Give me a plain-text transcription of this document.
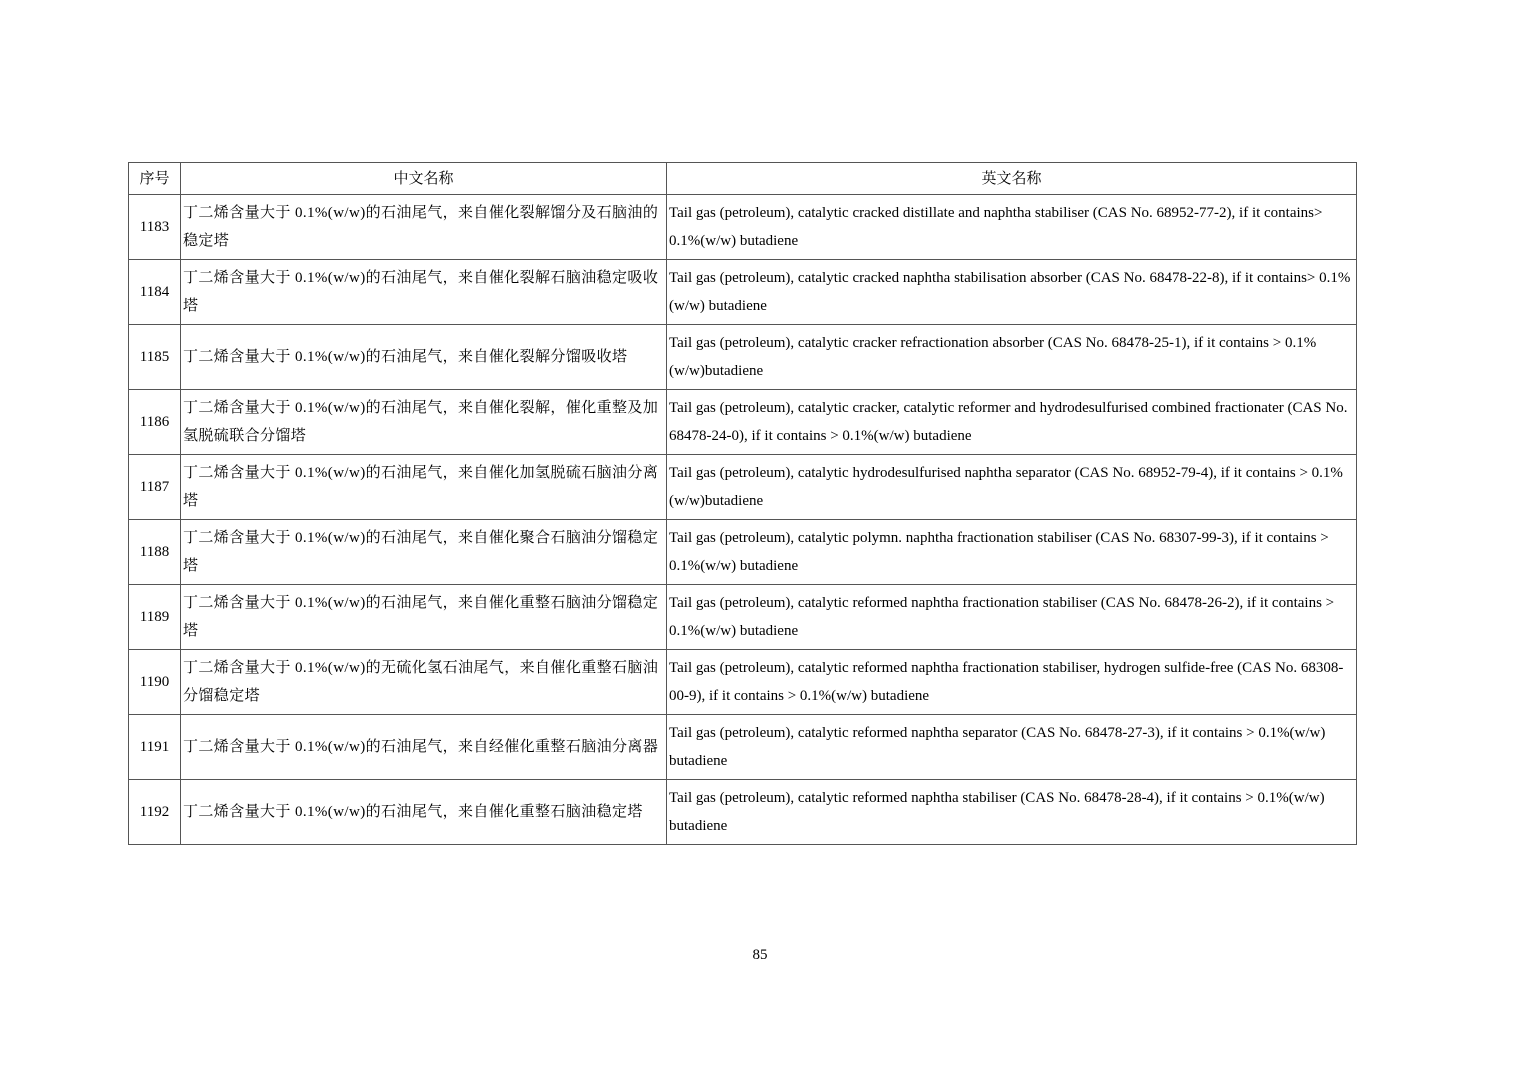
序号	中文名称	英文名称
1183	丁二烯含量大于 0.1%(w/w)的石油尾气，来自催化裂解馏分及石脑油的稳定塔	Tail gas (petroleum), catalytic cracked distillate and naphtha stabiliser (CAS No. 68952-77-2), if it contains> 0.1%(w/w) butadiene
1184	丁二烯含量大于 0.1%(w/w)的石油尾气，来自催化裂解石脑油稳定吸收塔	Tail gas (petroleum), catalytic cracked naphtha stabilisation absorber (CAS No. 68478-22-8), if it contains> 0.1%(w/w) butadiene
1185	丁二烯含量大于 0.1%(w/w)的石油尾气，来自催化裂解分馏吸收塔	Tail gas (petroleum), catalytic cracker refractionation absorber (CAS No. 68478-25-1), if it contains > 0.1%(w/w)butadiene
1186	丁二烯含量大于 0.1%(w/w)的石油尾气，来自催化裂解，催化重整及加氢脱硫联合分馏塔	Tail gas (petroleum), catalytic cracker, catalytic reformer and hydrodesulfurised combined fractionater (CAS No. 68478-24-0), if it contains > 0.1%(w/w) butadiene
1187	丁二烯含量大于 0.1%(w/w)的石油尾气，来自催化加氢脱硫石脑油分离塔	Tail gas (petroleum), catalytic hydrodesulfurised naphtha separator (CAS No. 68952-79-4), if it contains > 0.1%(w/w)butadiene
1188	丁二烯含量大于 0.1%(w/w)的石油尾气，来自催化聚合石脑油分馏稳定塔	Tail gas (petroleum), catalytic polymn. naphtha fractionation stabiliser (CAS No. 68307-99-3), if it contains > 0.1%(w/w) butadiene
1189	丁二烯含量大于 0.1%(w/w)的石油尾气，来自催化重整石脑油分馏稳定塔	Tail gas (petroleum), catalytic reformed naphtha fractionation stabiliser (CAS No. 68478-26-2), if it contains > 0.1%(w/w) butadiene
1190	丁二烯含量大于 0.1%(w/w)的无硫化氢石油尾气，来自催化重整石脑油分馏稳定塔	Tail gas (petroleum), catalytic reformed naphtha fractionation stabiliser, hydrogen sulfide-free (CAS No. 68308-00-9), if it contains > 0.1%(w/w) butadiene
1191	丁二烯含量大于 0.1%(w/w)的石油尾气，来自经催化重整石脑油分离器	Tail gas (petroleum), catalytic reformed naphtha separator (CAS No. 68478-27-3), if it contains > 0.1%(w/w) butadiene
1192	丁二烯含量大于 0.1%(w/w)的石油尾气，来自催化重整石脑油稳定塔	Tail gas (petroleum), catalytic reformed naphtha stabiliser (CAS No. 68478-28-4), if it contains > 0.1%(w/w) butadiene
85
